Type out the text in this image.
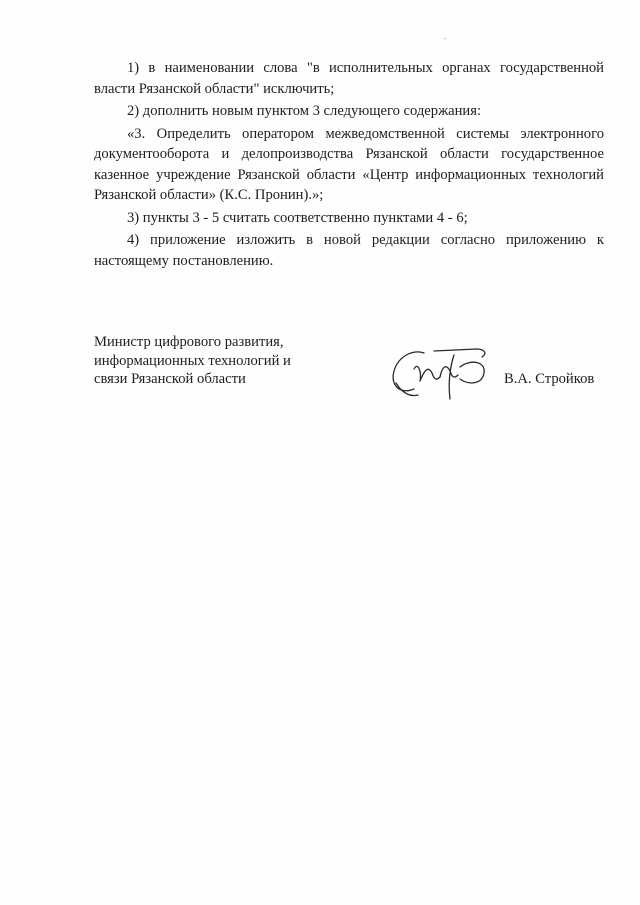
1) в наименовании слова "в исполнительных органах государственной власти Рязанской области" исключить;

2) дополнить новым пунктом 3 следующего содержания:

«3. Определить оператором межведомственной системы электронного документооборота и делопроизводства Рязанской области государственное казенное учреждение Рязанской области «Центр информационных технологий Рязанской области» (К.С. Пронин).»;

3) пункты 3 - 5 считать соответственно пунктами 4 - 6;

4) приложение изложить в новой редакции согласно приложению к настоящему постановлению.

Министр цифрового развития,
информационных технологий и
связи Рязанской области	В.А. Стройков
